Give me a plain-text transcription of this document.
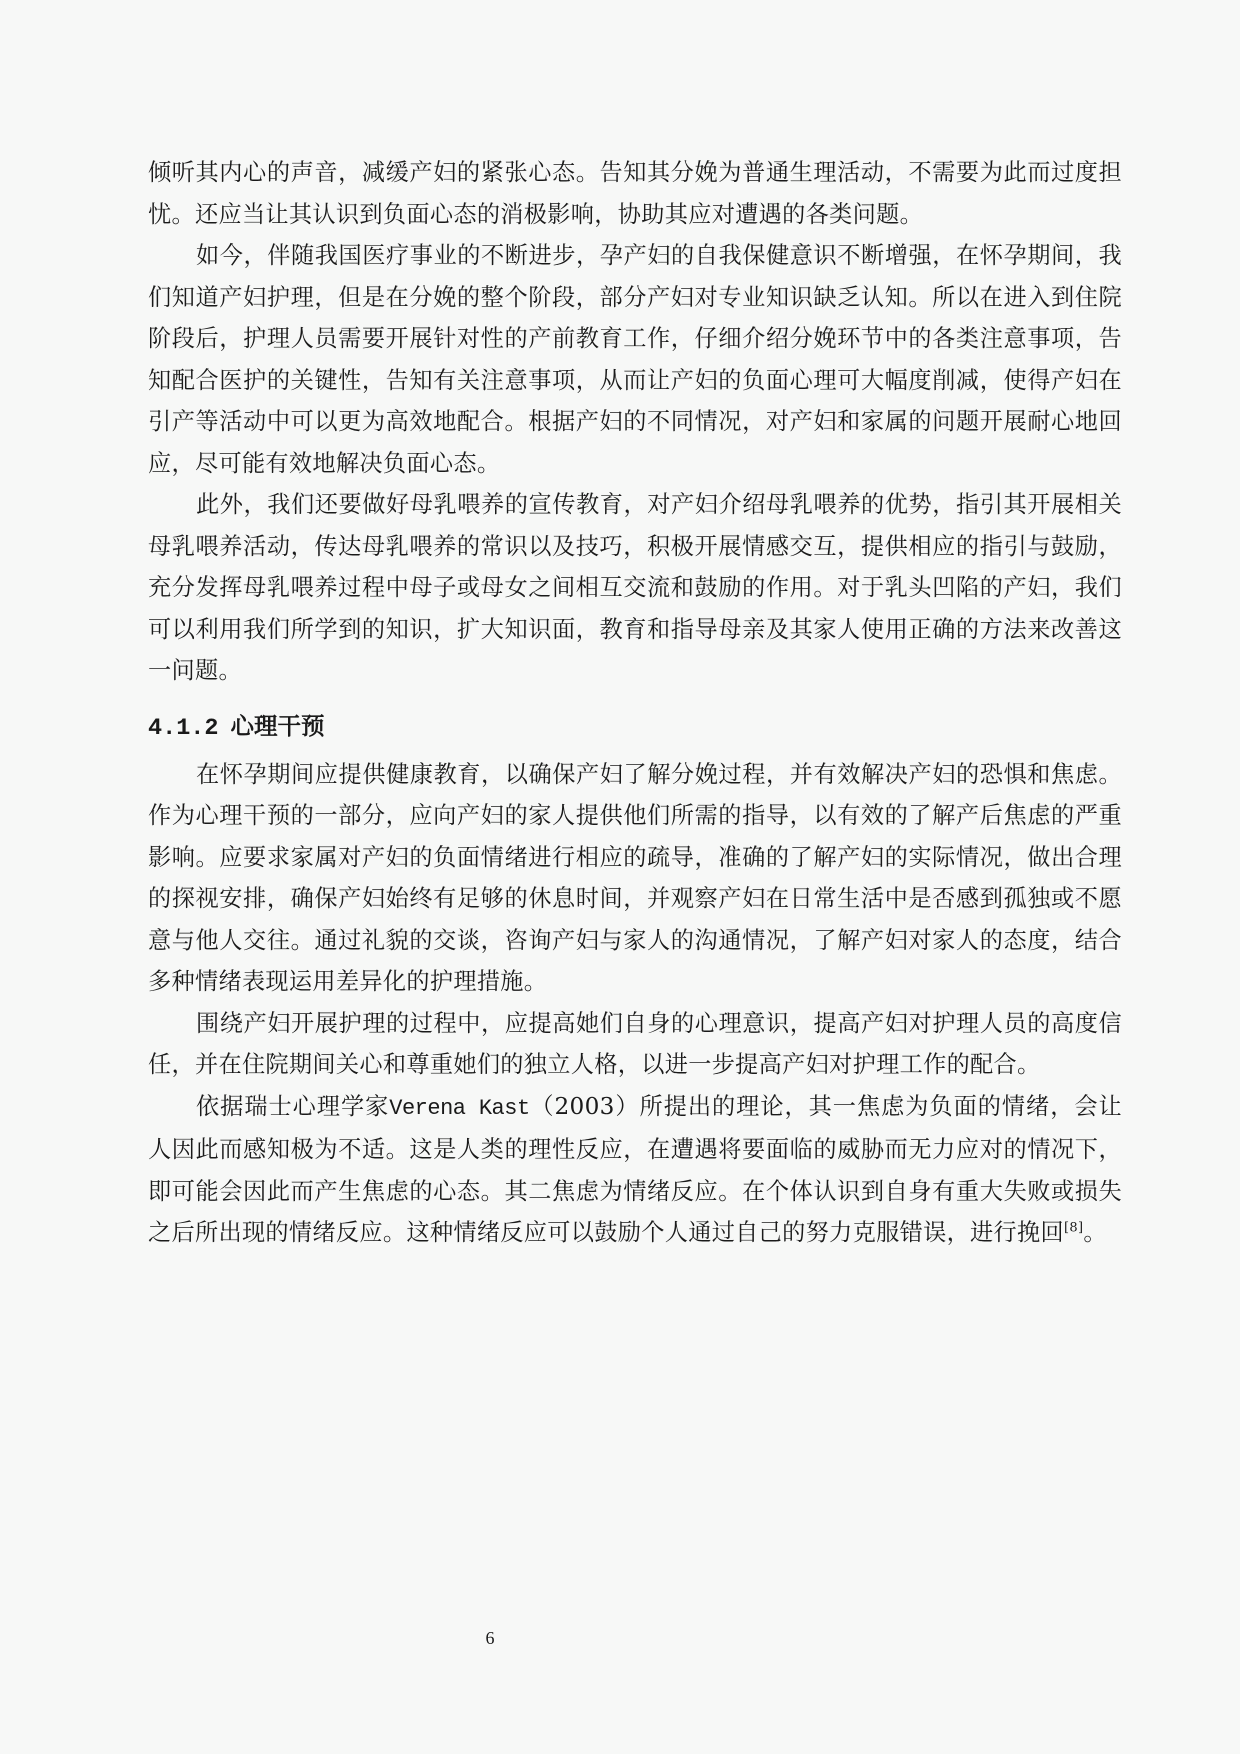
倾听其内心的声音，减缓产妇的紧张心态。告知其分娩为普通生理活动，不需要为此而过度担忧。还应当让其认识到负面心态的消极影响，协助其应对遭遇的各类问题。

如今，伴随我国医疗事业的不断进步，孕产妇的自我保健意识不断增强，在怀孕期间，我们知道产妇护理，但是在分娩的整个阶段，部分产妇对专业知识缺乏认知。所以在进入到住院阶段后，护理人员需要开展针对性的产前教育工作，仔细介绍分娩环节中的各类注意事项，告知配合医护的关键性，告知有关注意事项，从而让产妇的负面心理可大幅度削减，使得产妇在引产等活动中可以更为高效地配合。根据产妇的不同情况，对产妇和家属的问题开展耐心地回应，尽可能有效地解决负面心态。

此外，我们还要做好母乳喂养的宣传教育，对产妇介绍母乳喂养的优势，指引其开展相关母乳喂养活动，传达母乳喂养的常识以及技巧，积极开展情感交互，提供相应的指引与鼓励，充分发挥母乳喂养过程中母子或母女之间相互交流和鼓励的作用。对于乳头凹陷的产妇，我们可以利用我们所学到的知识，扩大知识面，教育和指导母亲及其家人使用正确的方法来改善这一问题。

4.1.2 心理干预

在怀孕期间应提供健康教育，以确保产妇了解分娩过程，并有效解决产妇的恐惧和焦虑。作为心理干预的一部分，应向产妇的家人提供他们所需的指导，以有效的了解产后焦虑的严重影响。应要求家属对产妇的负面情绪进行相应的疏导，准确的了解产妇的实际情况，做出合理的探视安排，确保产妇始终有足够的休息时间，并观察产妇在日常生活中是否感到孤独或不愿意与他人交往。通过礼貌的交谈，咨询产妇与家人的沟通情况，了解产妇对家人的态度，结合多种情绪表现运用差异化的护理措施。

围绕产妇开展护理的过程中，应提高她们自身的心理意识，提高产妇对护理人员的高度信任，并在住院期间关心和尊重她们的独立人格，以进一步提高产妇对护理工作的配合。

依据瑞士心理学家Verena Kast（2003）所提出的理论，其一焦虑为负面的情绪，会让人因此而感知极为不适。这是人类的理性反应，在遭遇将要面临的威胁而无力应对的情况下，即可能会因此而产生焦虑的心态。其二焦虑为情绪反应。在个体认识到自身有重大失败或损失之后所出现的情绪反应。这种情绪反应可以鼓励个人通过自己的努力克服错误，进行挽回[8]。

6
